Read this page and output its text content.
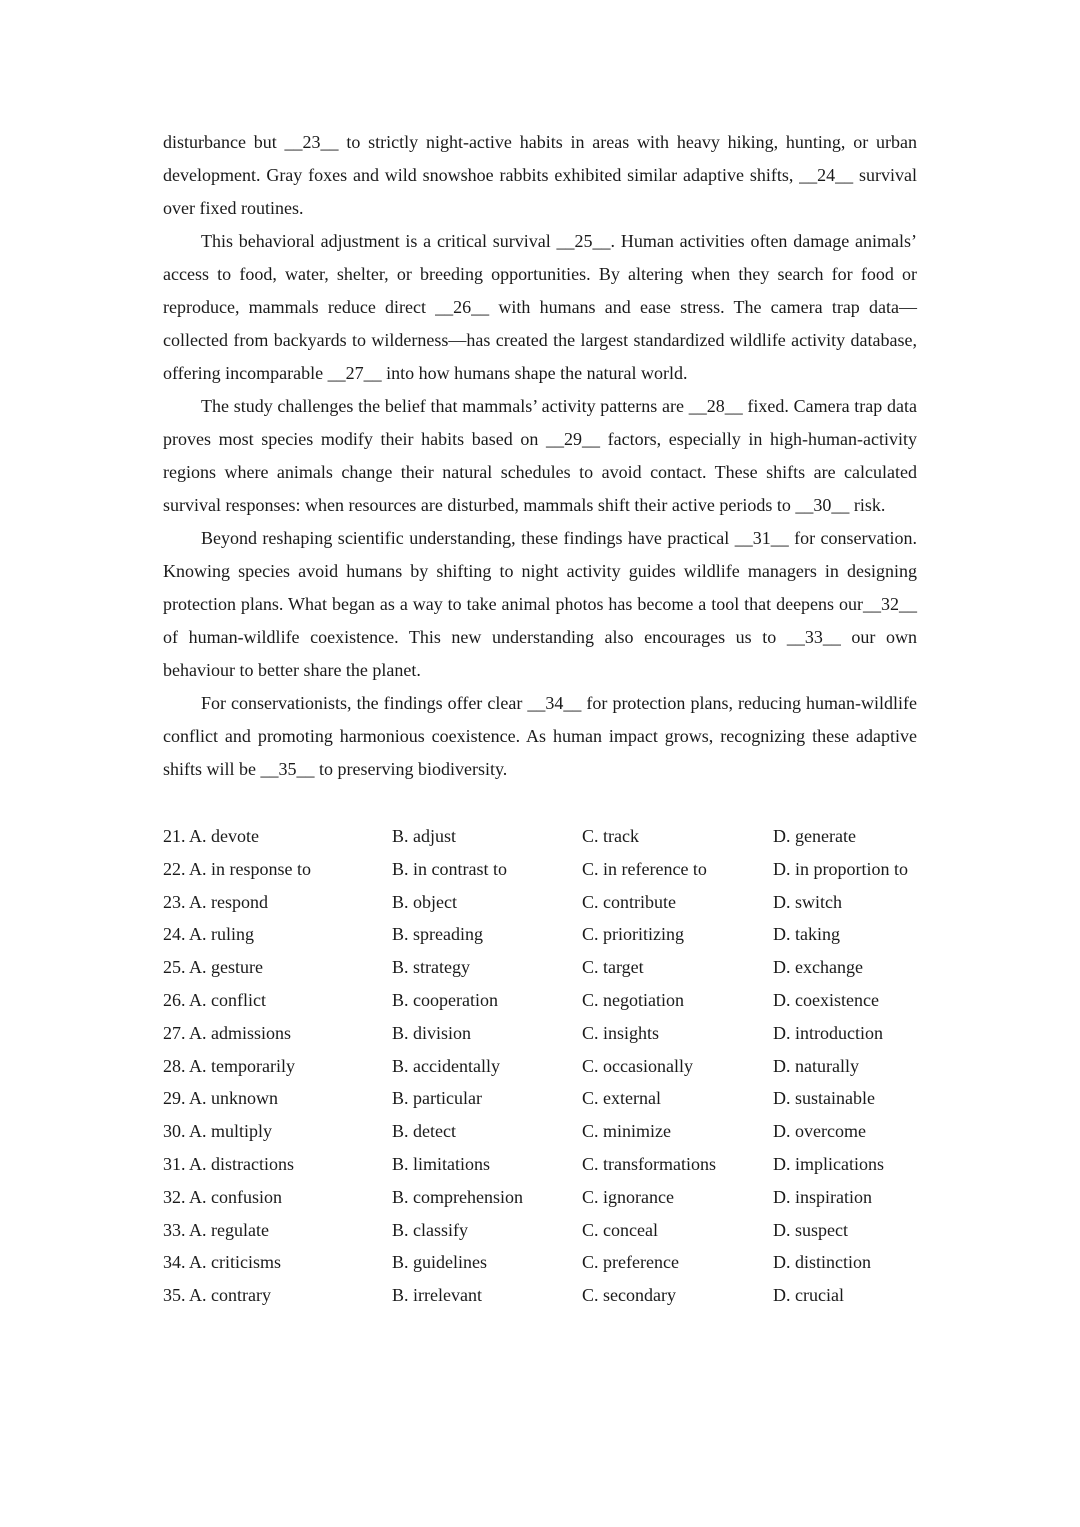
disturbance but __23__ to strictly night-active habits in areas with heavy hiking, hunting, or urban development. Gray foxes and wild snowshoe rabbits exhibited similar adaptive shifts, __24__ survival over fixed routines.

This behavioral adjustment is a critical survival __25__. Human activities often damage animals’ access to food, water, shelter, or breeding opportunities. By altering when they search for food or reproduce, mammals reduce direct __26__ with humans and ease stress. The camera trap data—collected from backyards to wilderness—has created the largest standardized wildlife activity database, offering incomparable __27__ into how humans shape the natural world.

The study challenges the belief that mammals’ activity patterns are __28__ fixed. Camera trap data proves most species modify their habits based on __29__ factors, especially in high-human-activity regions where animals change their natural schedules to avoid contact. These shifts are calculated survival responses: when resources are disturbed, mammals shift their active periods to __30__ risk.

Beyond reshaping scientific understanding, these findings have practical __31__ for conservation. Knowing species avoid humans by shifting to night activity guides wildlife managers in designing protection plans. What began as a way to take animal photos has become a tool that deepens our__32__ of human-wildlife coexistence. This new understanding also encourages us to __33__ our own behaviour to better share the planet.

For conservationists, the findings offer clear __34__ for protection plans, reducing human-wildlife conflict and promoting harmonious coexistence. As human impact grows, recognizing these adaptive shifts will be __35__ to preserving biodiversity.

21. A. devote	B. adjust	C. track	D. generate
22. A. in response to	B. in contrast to	C. in reference to	D. in proportion to
23. A. respond	B. object	C. contribute	D. switch
24. A. ruling	B. spreading	C. prioritizing	D. taking
25. A. gesture	B. strategy	C. target	D. exchange
26. A. conflict	B. cooperation	C. negotiation	D. coexistence
27. A. admissions	B. division	C. insights	D. introduction
28. A. temporarily	B. accidentally	C. occasionally	D. naturally
29. A. unknown	B. particular	C. external	D. sustainable
30. A. multiply	B. detect	C. minimize	D. overcome
31. A. distractions	B. limitations	C. transformations	D. implications
32. A. confusion	B. comprehension	C. ignorance	D. inspiration
33. A. regulate	B. classify	C. conceal	D. suspect
34. A. criticisms	B. guidelines	C. preference	D. distinction
35. A. contrary	B. irrelevant	C. secondary	D. crucial
